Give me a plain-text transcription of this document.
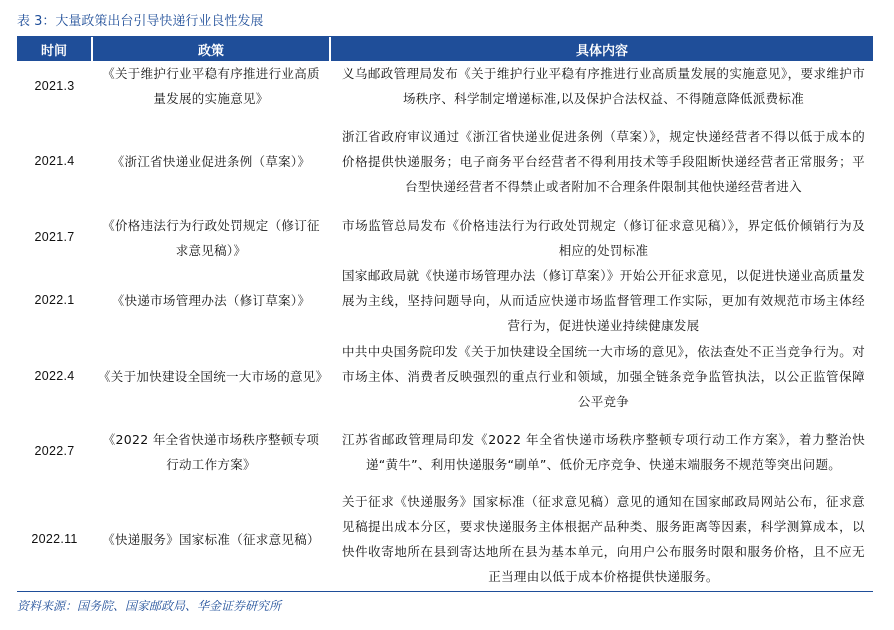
表 3：大量政策出台引导快递行业良性发展
时间	政策	具体内容
2021.3	《关于维护行业平稳有序推进行业高质量发展的实施意见》	义乌邮政管理局发布《关于维护行业平稳有序推进行业高质量发展的实施意见》，要求维护市场秩序、科学制定增递标准,以及保护合法权益、不得随意降低派费标准
2021.4	《浙江省快递业促进条例（草案）》	浙江省政府审议通过《浙江省快递业促进条例（草案）》，规定快递经营者不得以低于成本的价格提供快递服务；电子商务平台经营者不得利用技术等手段阻断快递经营者正常服务；平台型快递经营者不得禁止或者附加不合理条件限制其他快递经营者进入
2021.7	《价格违法行为行政处罚规定（修订征求意见稿）》	市场监管总局发布《价格违法行为行政处罚规定（修订征求意见稿）》，界定低价倾销行为及相应的处罚标准
2022.1	《快递市场管理办法（修订草案）》	国家邮政局就《快递市场管理办法（修订草案）》开始公开征求意见，以促进快递业高质量发展为主线，坚持问题导向，从而适应快递市场监督管理工作实际，更加有效规范市场主体经营行为，促进快递业持续健康发展
2022.4	《关于加快建设全国统一大市场的意见》	中共中央国务院印发《关于加快建设全国统一大市场的意见》，依法查处不正当竞争行为。对市场主体、消费者反映强烈的重点行业和领域，加强全链条竞争监管执法，以公正监管保障公平竞争
2022.7	《2022 年全省快递市场秩序整顿专项行动工作方案》	江苏省邮政管理局印发《2022 年全省快递市场秩序整顿专项行动工作方案》，着力整治快递“黄牛”、利用快递服务“刷单”、低价无序竞争、快递末端服务不规范等突出问题。
2022.11	《快递服务》国家标准（征求意见稿）	关于征求《快递服务》国家标准（征求意见稿）意见的通知在国家邮政局网站公布，征求意见稿提出成本分区，要求快递服务主体根据产品种类、服务距离等因素，科学测算成本，以快件收寄地所在县到寄达地所在县为基本单元，向用户公布服务时限和服务价格，且不应无正当理由以低于成本价格提供快递服务。
资料来源：国务院、国家邮政局、华金证券研究所
